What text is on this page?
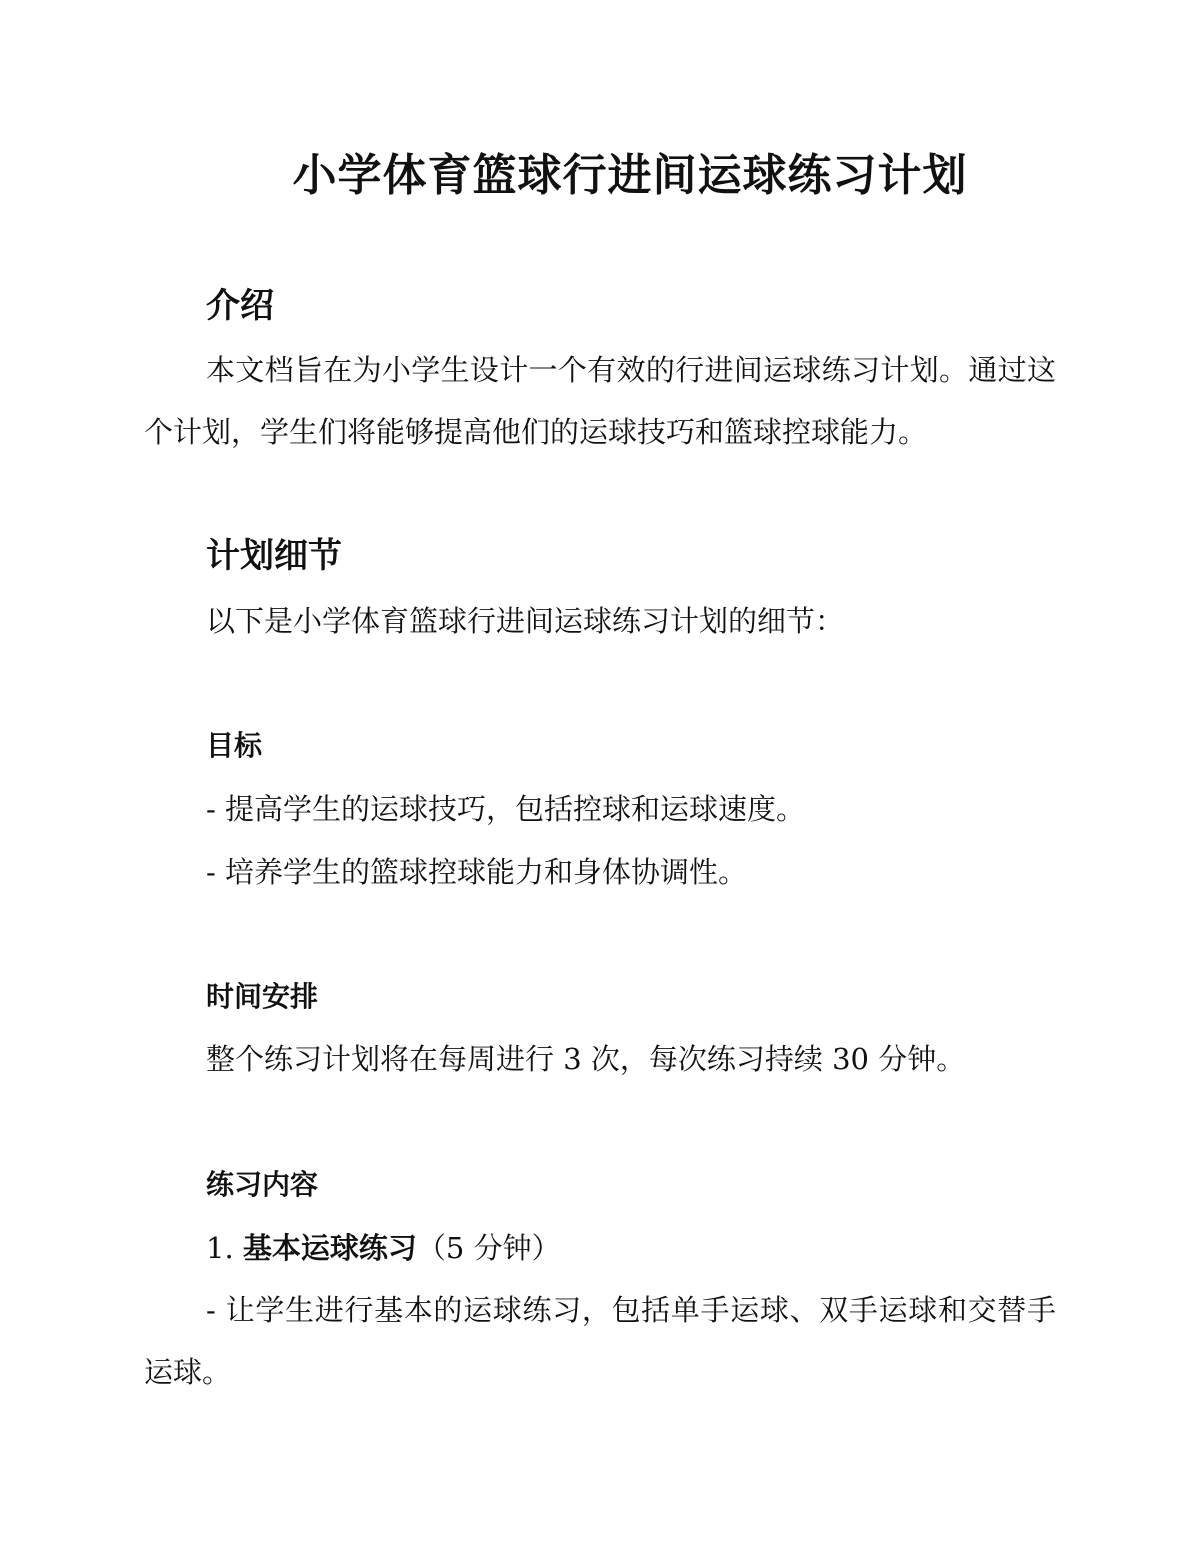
小学体育篮球行进间运球练习计划
介绍
本文档旨在为小学生设计一个有效的行进间运球练习计划。通过这个计划，学生们将能够提高他们的运球技巧和篮球控球能力。
计划细节
以下是小学体育篮球行进间运球练习计划的细节：
目标
- 提高学生的运球技巧，包括控球和运球速度。
- 培养学生的篮球控球能力和身体协调性。
时间安排
整个练习计划将在每周进行 3 次，每次练习持续 30 分钟。
练习内容
1. 基本运球练习（5 分钟）
- 让学生进行基本的运球练习，包括单手运球、双手运球和交替手运球。
